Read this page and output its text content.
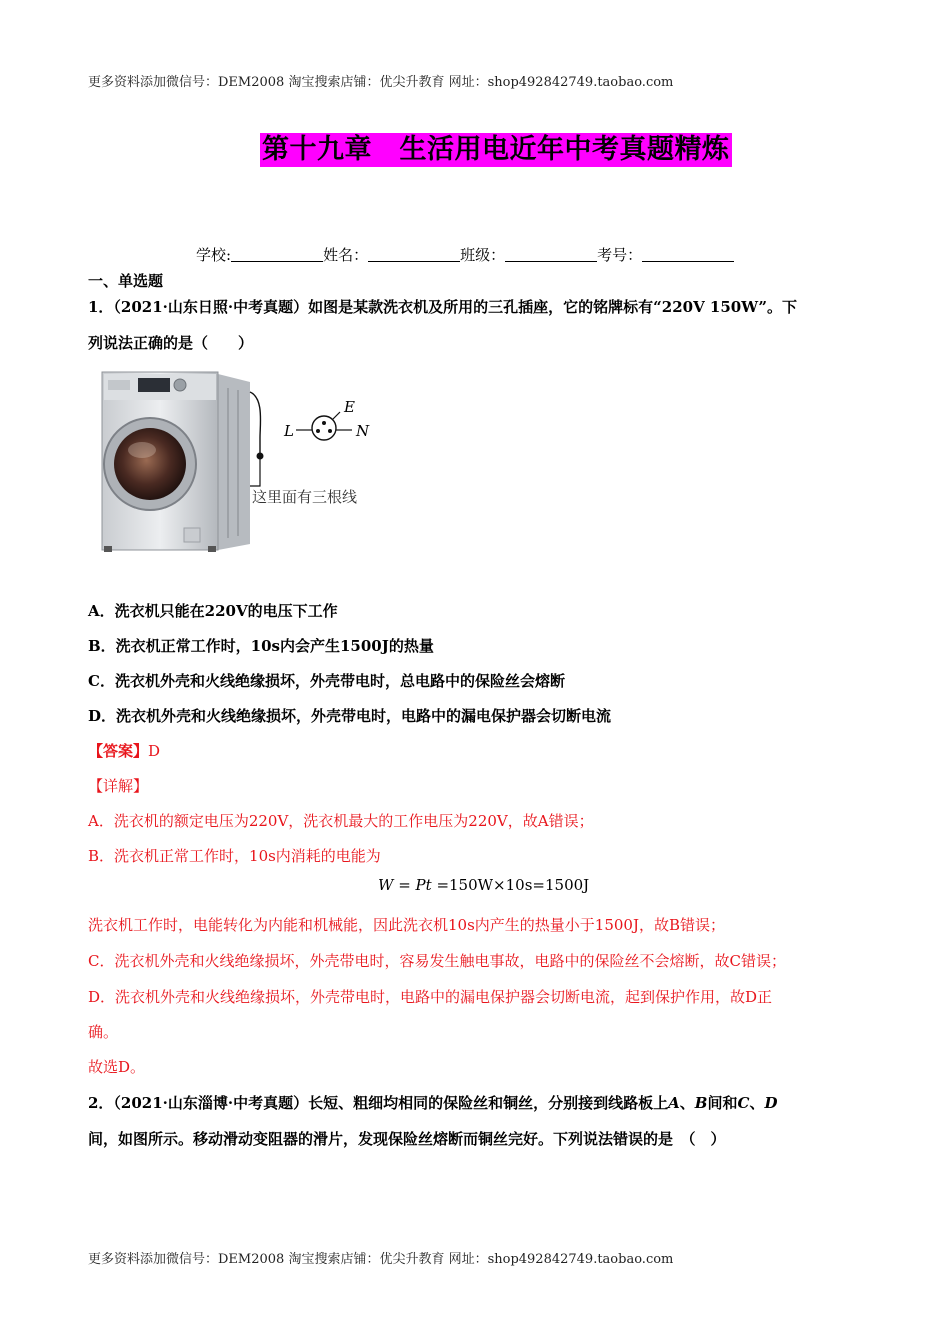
更多资料添加微信号：DEM2008 淘宝搜索店铺：优尖升教育 网址：shop492842749.taobao.com
第十九章　生活用电近年中考真题精炼
学校:	姓名：	班级：	考号：
一、单选题
1．（2021·山东日照·中考真题）如图是某款洗衣机及所用的三孔插座，它的铭牌标有“220V 150W”。下
列说法正确的是（　　）
L
E
N
这里面有三根线
A．洗衣机只能在220V的电压下工作
B．洗衣机正常工作时，10s内会产生1500J的热量
C．洗衣机外壳和火线绝缘损坏，外壳带电时，总电路中的保险丝会熔断
D．洗衣机外壳和火线绝缘损坏，外壳带电时，电路中的漏电保护器会切断电流
【答案】D
【详解】
A．洗衣机的额定电压为220V，洗衣机最大的工作电压为220V，故A错误；
B．洗衣机正常工作时，10s内消耗的电能为
W = Pt =150W×10s=1500J
洗衣机工作时，电能转化为内能和机械能，因此洗衣机10s内产生的热量小于1500J，故B错误；
C．洗衣机外壳和火线绝缘损坏，外壳带电时，容易发生触电事故，电路中的保险丝不会熔断，故C错误；
D．洗衣机外壳和火线绝缘损坏，外壳带电时，电路中的漏电保护器会切断电流，起到保护作用，故D正
确。
故选D。
2．（2021·山东淄博·中考真题）长短、粗细均相同的保险丝和铜丝，分别接到线路板上A、B间和C、D
间，如图所示。移动滑动变阻器的滑片，发现保险丝熔断而铜丝完好。下列说法错误的是　（　）
更多资料添加微信号：DEM2008 淘宝搜索店铺：优尖升教育 网址：shop492842749.taobao.com
